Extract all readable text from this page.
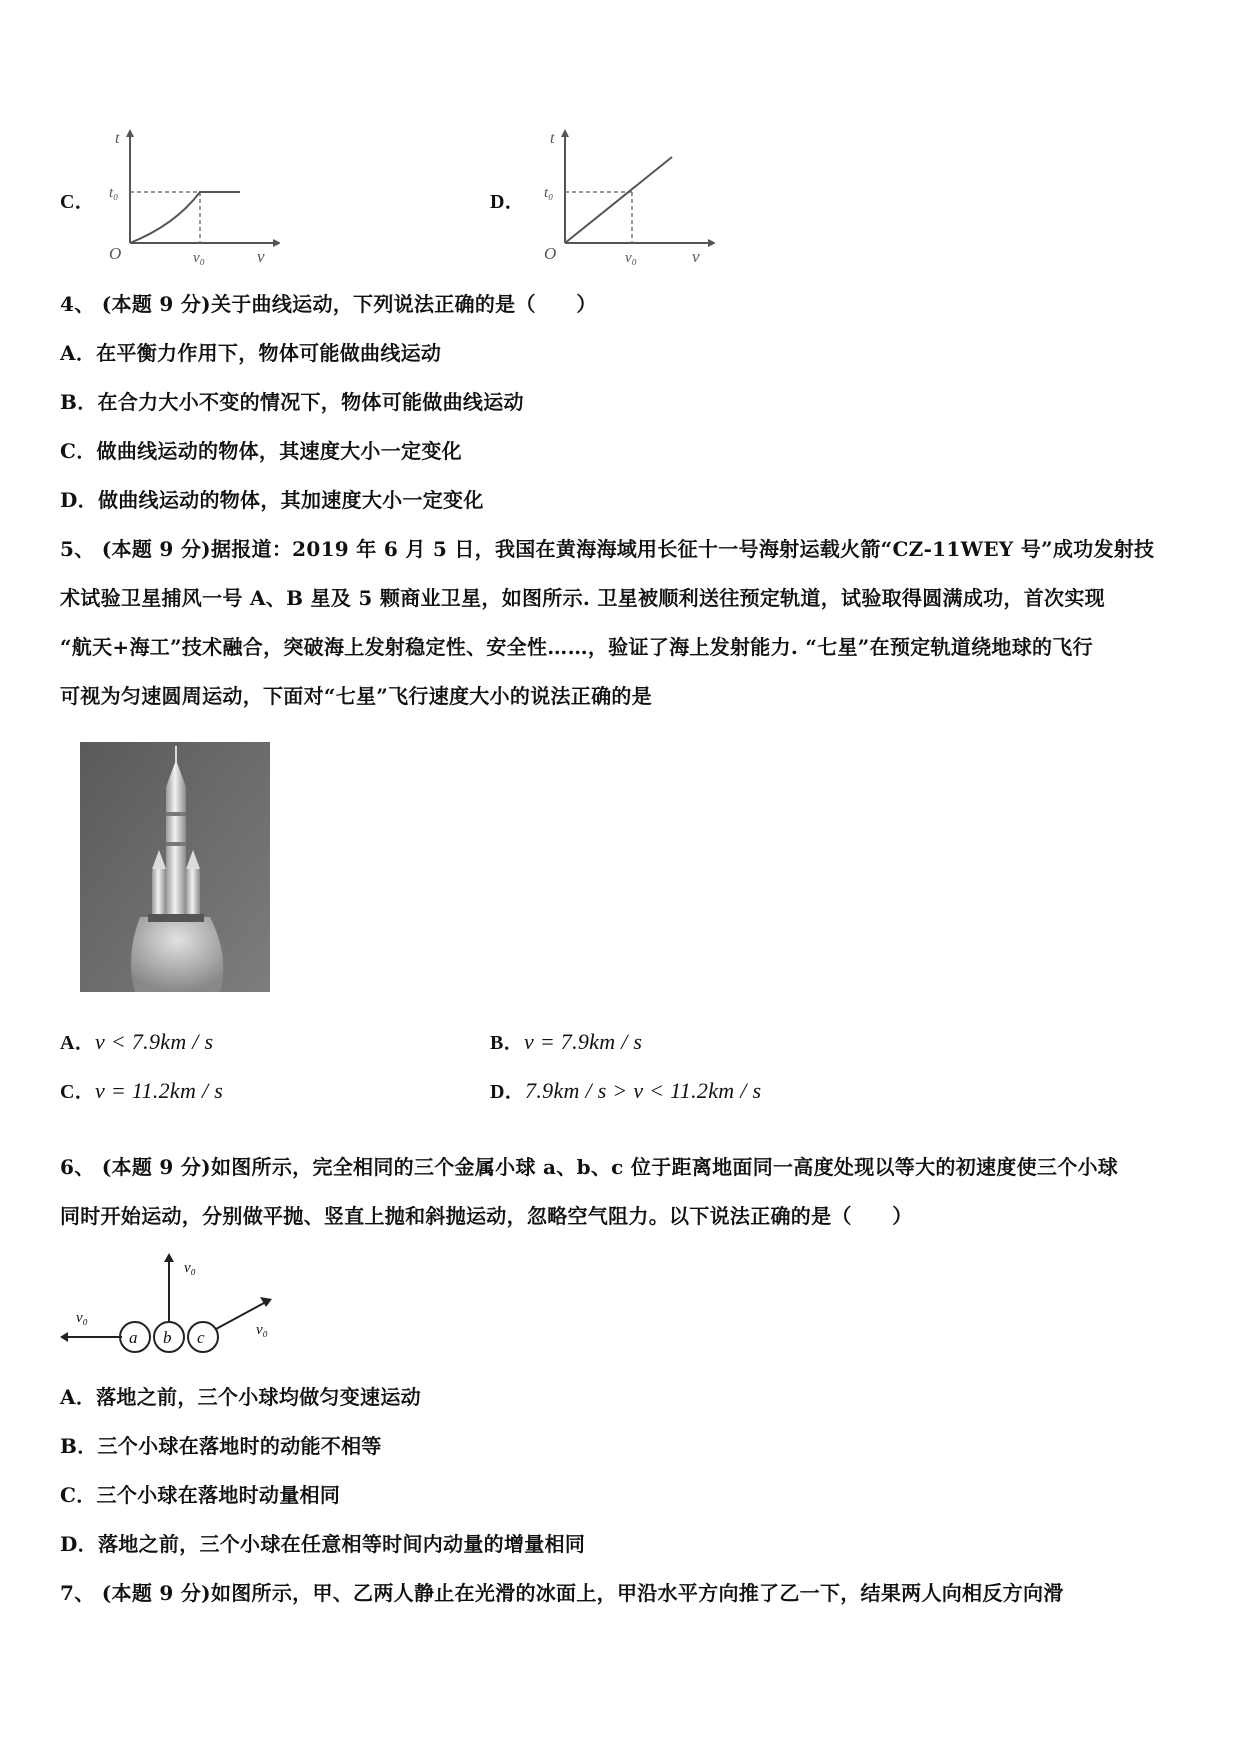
C．
t
t₀
O	v₀	v
D．
t
t₀
O	v₀	v
4、 (本题 9 分)关于曲线运动，下列说法正确的是（　　）
A．在平衡力作用下，物体可能做曲线运动
B．在合力大小不变的情况下，物体可能做曲线运动
C．做曲线运动的物体，其速度大小一定变化
D．做曲线运动的物体，其加速度大小一定变化
5、 (本题 9 分)据报道：2019 年 6 月 5 日，我国在黄海海域用长征十一号海射运载火箭“CZ-11WEY 号”成功发射技
术试验卫星捕风一号 A、B 星及 5 颗商业卫星，如图所示. 卫星被顺利送往预定轨道，试验取得圆满成功，首次实现
“航天+海工”技术融合，突破海上发射稳定性、安全性……，验证了海上发射能力. “七星”在预定轨道绕地球的飞行
可视为匀速圆周运动，下面对“七星”飞行速度大小的说法正确的是
A．v < 7.9km / s	B．v = 7.9km / s
C．v = 11.2km / s	D．7.9km / s > v < 11.2km / s
6、 (本题 9 分)如图所示，完全相同的三个金属小球 a、b、c 位于距离地面同一高度处现以等大的初速度使三个小球
同时开始运动，分别做平抛、竖直上抛和斜抛运动，忽略空气阻力。以下说法正确的是（　　）
a b c
v₀
v₀
v₀
A．落地之前，三个小球均做匀变速运动
B．三个小球在落地时的动能不相等
C．三个小球在落地时动量相同
D．落地之前，三个小球在任意相等时间内动量的增量相同
7、 (本题 9 分)如图所示，甲、乙两人静止在光滑的冰面上，甲沿水平方向推了乙一下，结果两人向相反方向滑
